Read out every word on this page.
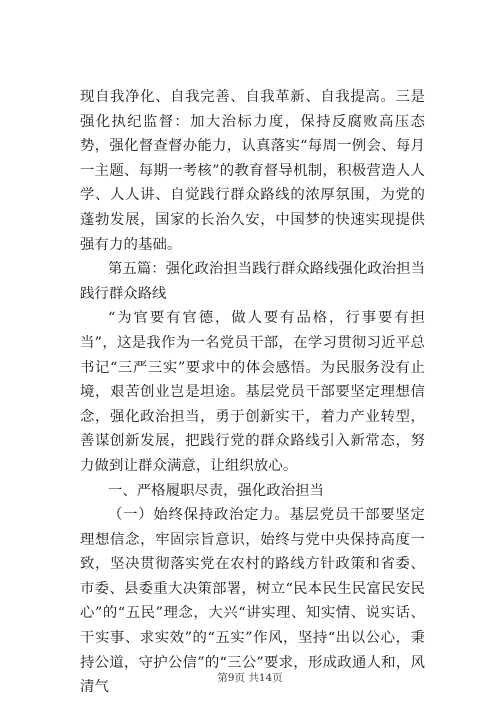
现自我净化、自我完善、自我革新、自我提高。三是强化执纪监督：加大治标力度，保持反腐败高压态势，强化督查督办能力，认真落实“每周一例会、每月一主题、每期一考核”的教育督导机制，积极营造人人学、人人讲、自觉践行群众路线的浓厚氛围，为党的蓬勃发展，国家的长治久安，中国梦的快速实现提供强有力的基础。

第五篇：强化政治担当践行群众路线强化政治担当践行群众路线

“为官要有官德，做人要有品格，行事要有担当”，这是我作为一名党员干部，在学习贯彻习近平总书记“三严三实”要求中的体会感悟。为民服务没有止境，艰苦创业岂是坦途。基层党员干部要坚定理想信念，强化政治担当，勇于创新实干，着力产业转型，善谋创新发展，把践行党的群众路线引入新常态，努力做到让群众满意，让组织放心。

一、严格履职尽责，强化政治担当

（一）始终保持政治定力。基层党员干部要坚定理想信念，牢固宗旨意识，始终与党中央保持高度一致，坚决贯彻落实党在农村的路线方针政策和省委、市委、县委重大决策部署，树立“民本民生民富民安民心”的“五民”理念，大兴“讲实理、知实情、说实话、干实事、求实效”的“五实”作风，坚持“出以公心，秉持公道，守护公信”的“三公”要求，形成政通人和，风清气

第9页 共14页
